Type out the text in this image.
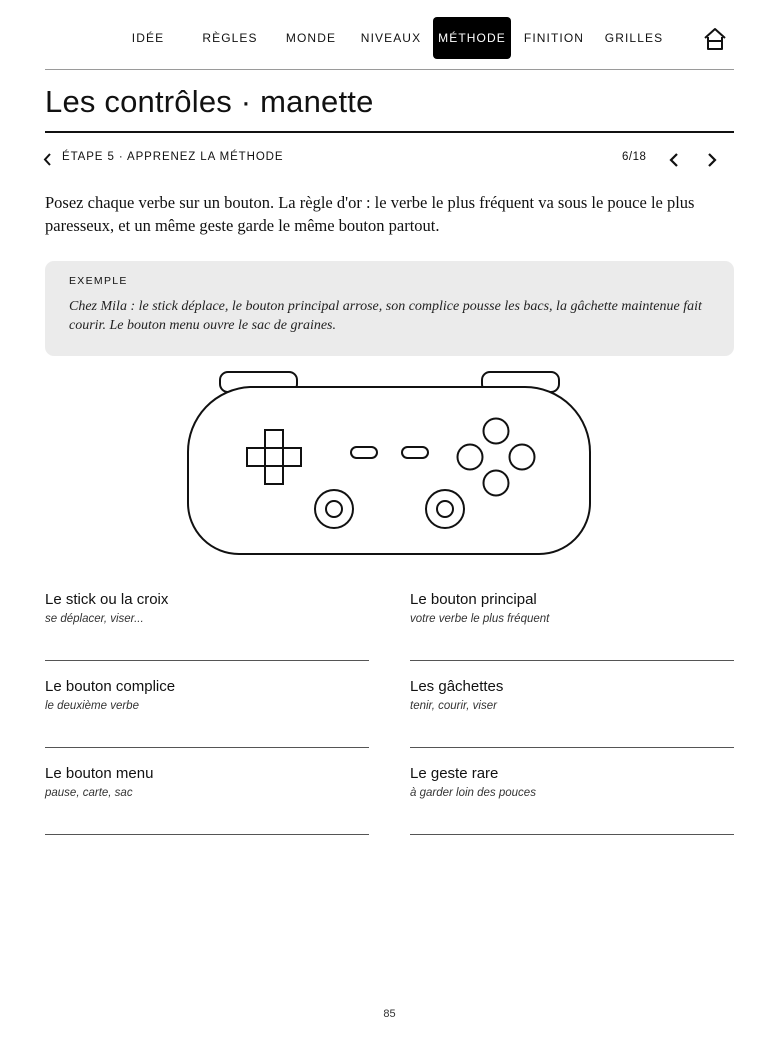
IDÉE	RÈGLES	MONDE	NIVEAUX	MÉTHODE	FINITION	GRILLES
Les contrôles · manette
ÉTAPE 5 · APPRENEZ LA MÉTHODE	6/18

Posez chaque verbe sur un bouton. La règle d'or : le verbe le plus fréquent va sous le pouce le plus paresseux, et un même geste garde le même bouton partout.

EXEMPLE
Chez Mila : le stick déplace, le bouton principal arrose, son complice pousse les bacs, la gâchette maintenue fait courir. Le bouton menu ouvre le sac de graines.
Le stick ou la croix
se déplacer, viser...
Le bouton principal
votre verbe le plus fréquent
Le bouton complice
le deuxième verbe
Les gâchettes
tenir, courir, viser
Le bouton menu
pause, carte, sac
Le geste rare
à garder loin des pouces
85
